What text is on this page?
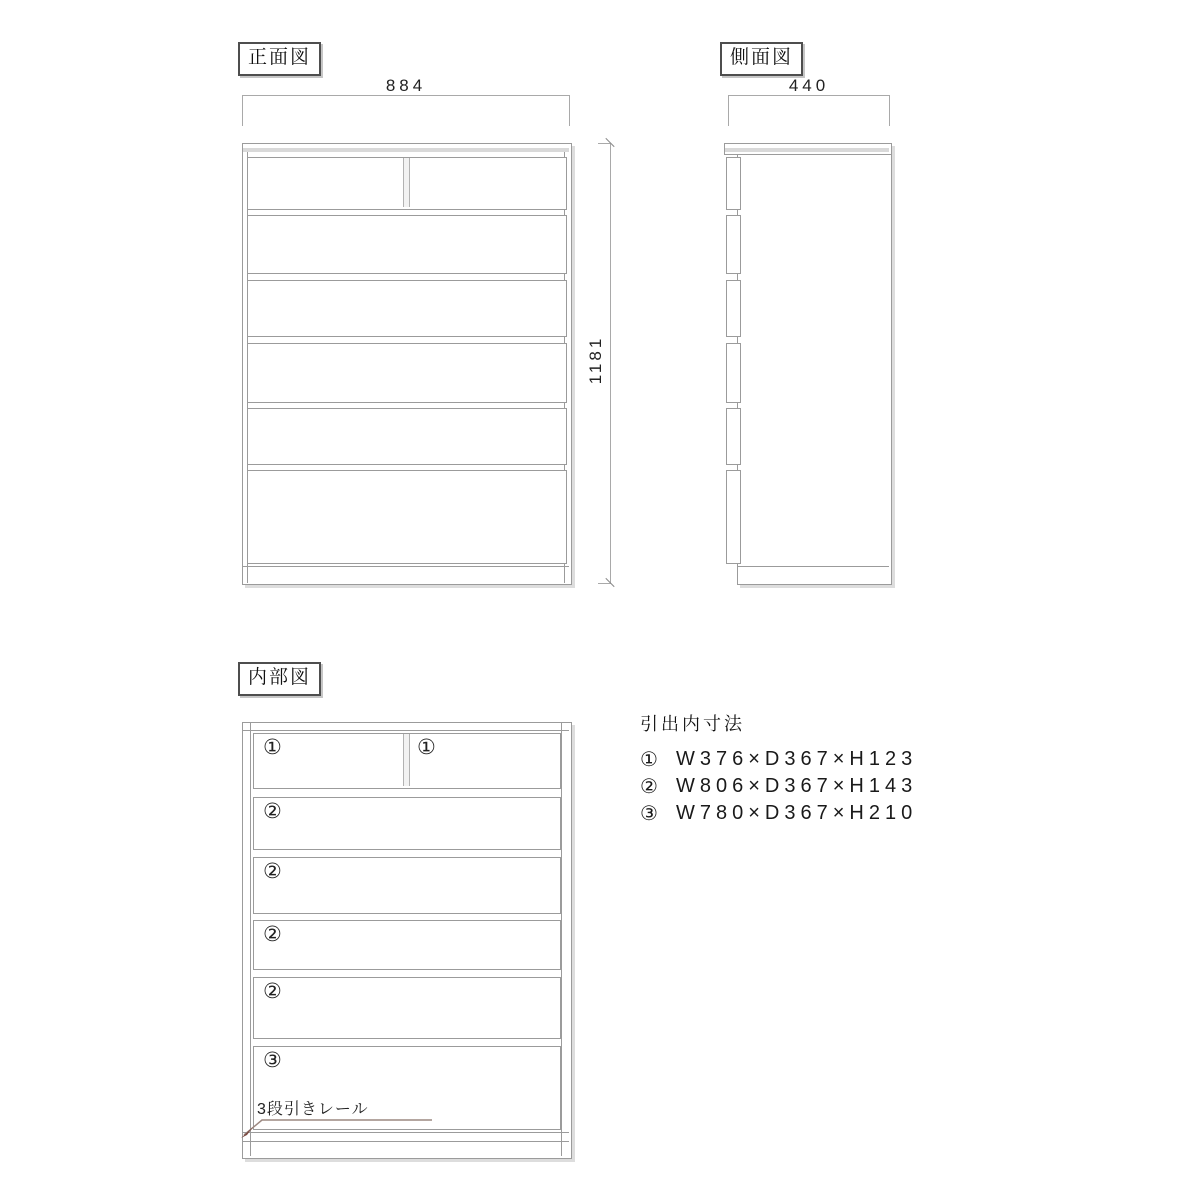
正面図
884
1181
側面図
440
内部図
①	①
②
②
②
②
③
3段引きレール
引出内寸法
① W376×D367×H123
② W806×D367×H143
③ W780×D367×H210
